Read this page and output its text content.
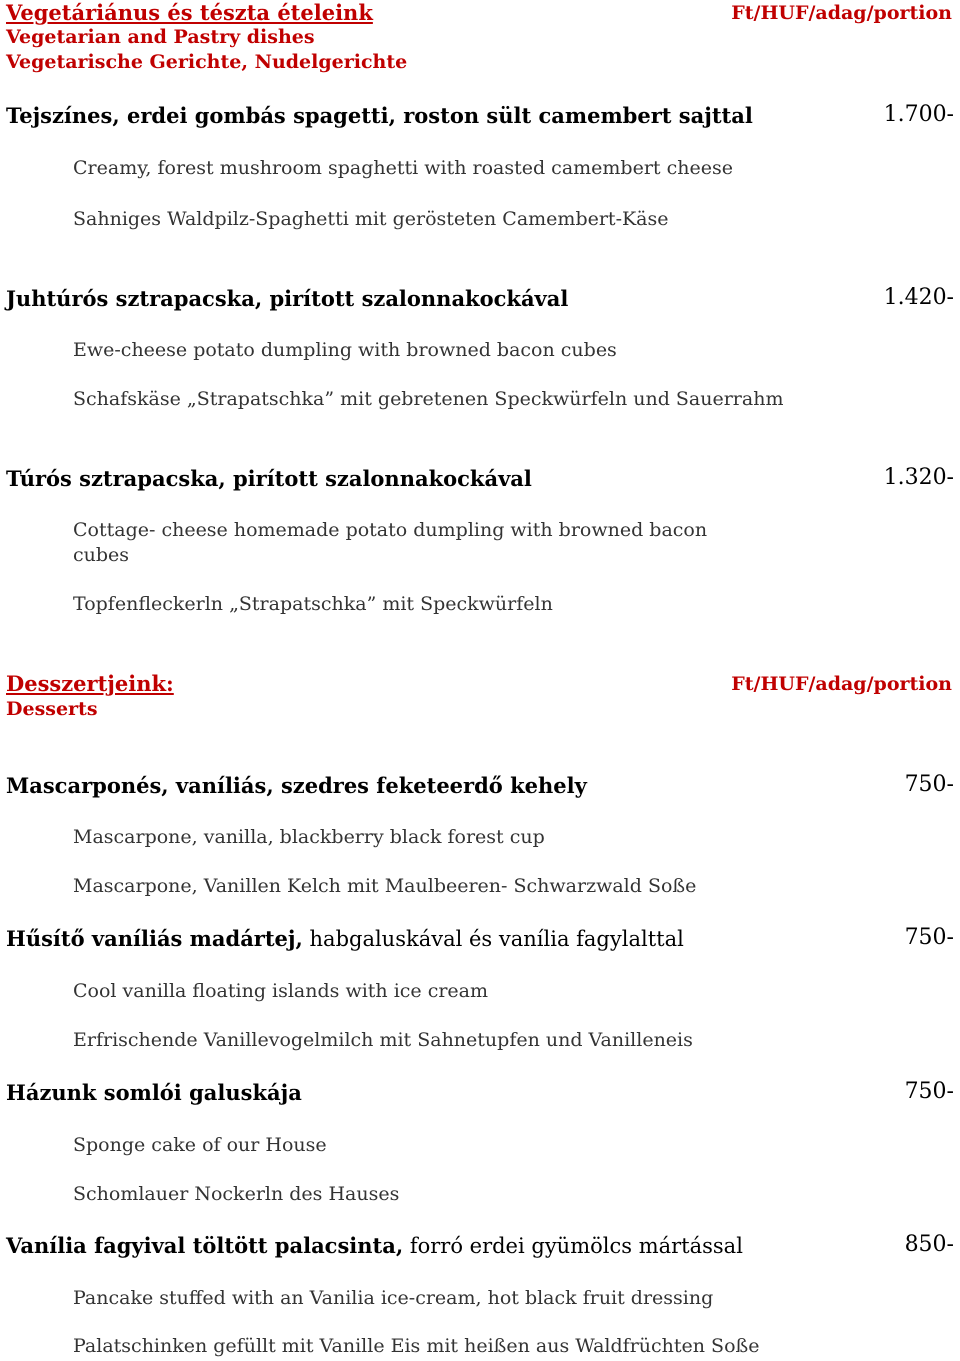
Vegetáriánus és tészta ételeink	Ft/HUF/adag/portion
Vegetarian and Pastry dishes
Vegetarische Gerichte, Nudelgerichte
Tejszínes, erdei gombás spagetti, roston sült camembert sajttal	1.700-
Creamy, forest mushroom spaghetti with roasted camembert cheese
Sahniges Waldpilz-Spaghetti mit gerösteten Camembert-Käse
Juhtúrós sztrapacska, pirított szalonnakockával	1.420-
Ewe-cheese potato dumpling with browned bacon cubes
Schafskäse „Strapatschka” mit gebretenen Speckwürfeln und Sauerrahm
Túrós sztrapacska, pirított szalonnakockával	1.320-
Cottage- cheese homemade potato dumpling with browned bacon cubes
Topfenfleckerln „Strapatschka” mit Speckwürfeln
Desszertjeink:	Ft/HUF/adag/portion
Desserts
Mascarponés, vaníliás, szedres feketeerdő kehely	750-
Mascarpone, vanilla, blackberry black forest cup
Mascarpone, Vanillen Kelch mit Maulbeeren- Schwarzwald Soße
Hűsítő vaníliás madártej, habgaluskával és vanília fagylalttal	750-
Cool vanilla floating islands with ice cream
Erfrischende Vanillevogelmilch mit Sahnetupfen und Vanilleneis
Házunk somlói galuskája	750-
Sponge cake of our House
Schomlauer Nockerln des Hauses
Vanília fagyival töltött palacsinta, forró erdei gyümölcs mártással	850-
Pancake stuffed with an Vanilia ice-cream, hot black fruit dressing
Palatschinken gefüllt mit Vanille Eis mit heißen aus Waldfrüchten Soße
